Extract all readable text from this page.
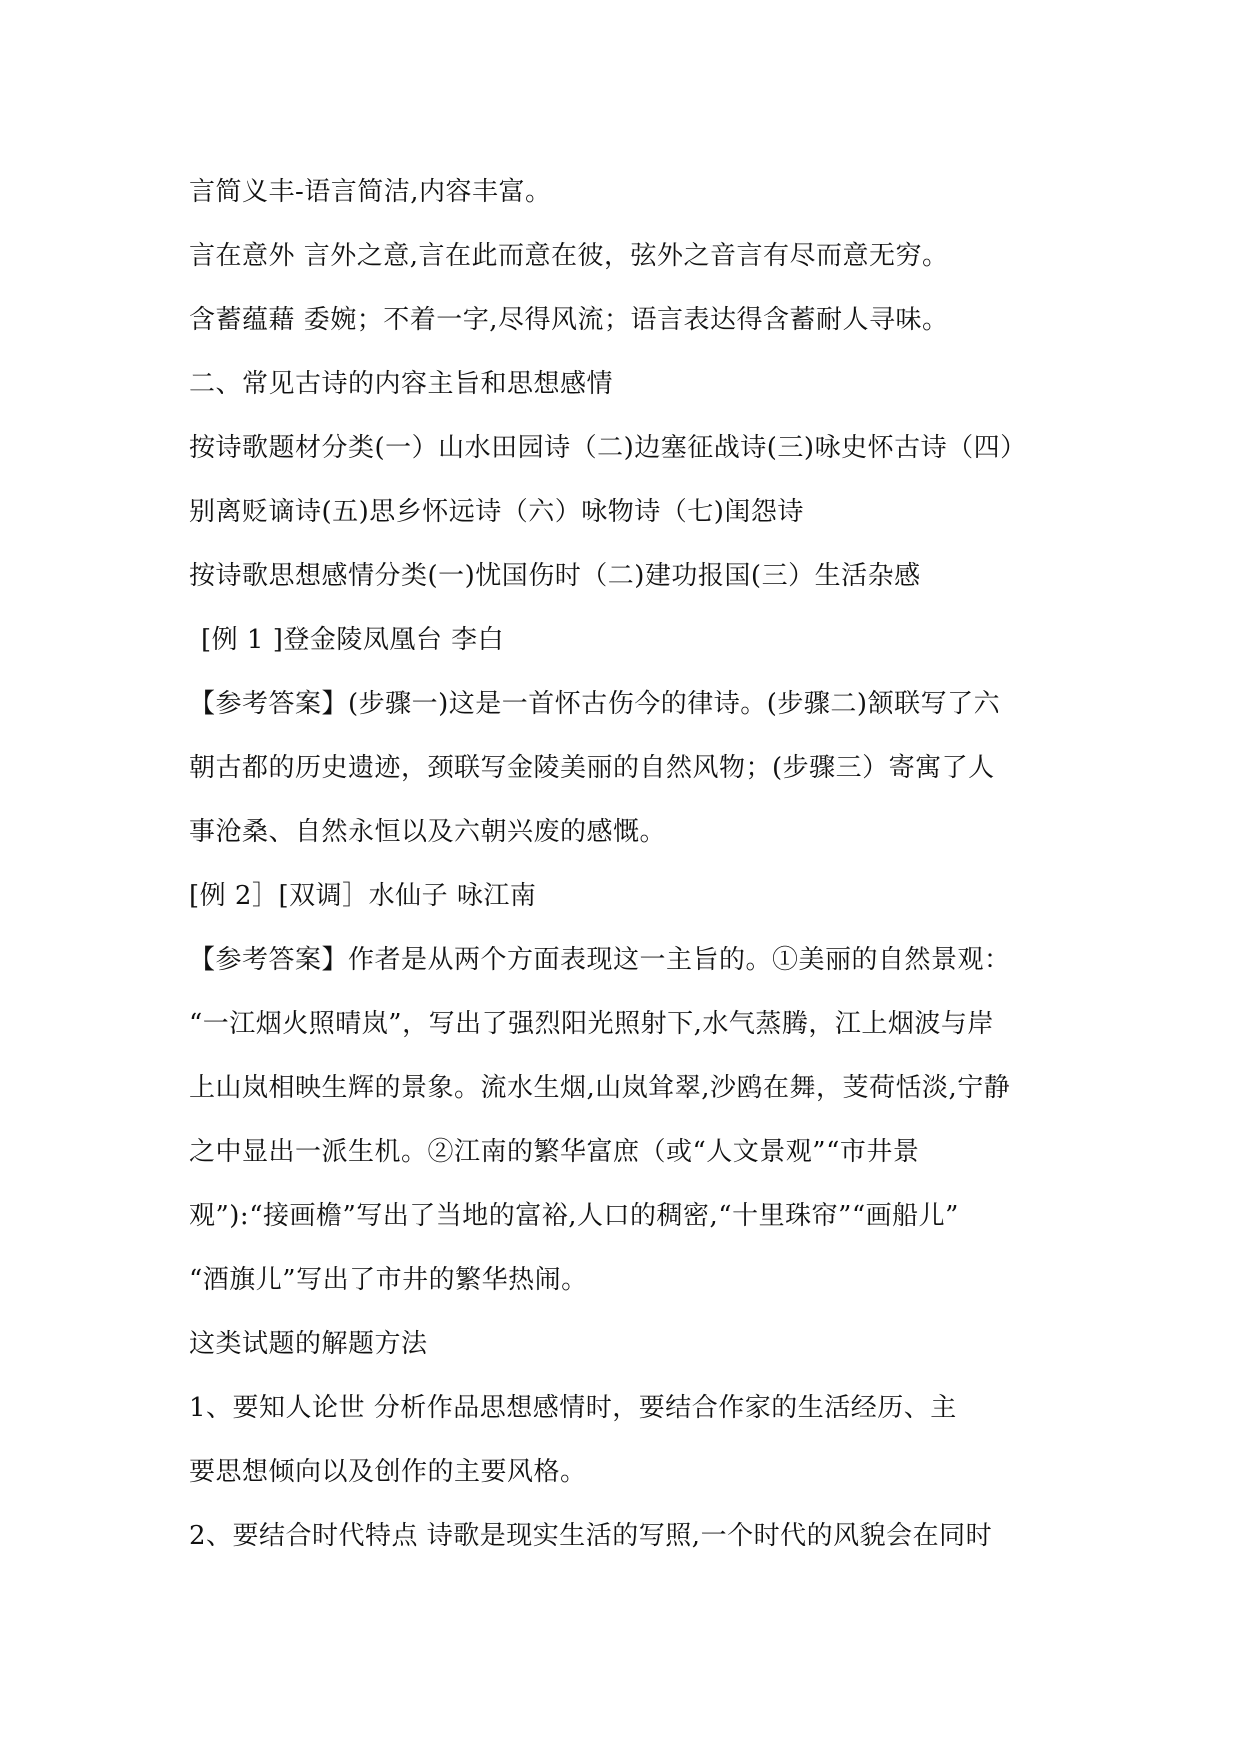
言简义丰-语言简洁,内容丰富。
言在意外 言外之意,言在此而意在彼，弦外之音言有尽而意无穷。
含蓄蕴藉 委婉；不着一字,尽得风流；语言表达得含蓄耐人寻味。
二、常见古诗的内容主旨和思想感情
按诗歌题材分类(一）山水田园诗（二)边塞征战诗(三)咏史怀古诗（四）
别离贬谪诗(五)思乡怀远诗（六）咏物诗（七)闺怨诗
按诗歌思想感情分类(一)忧国伤时（二)建功报国(三）生活杂感
[例 1 ]登金陵凤凰台 李白
【参考答案】(步骤一)这是一首怀古伤今的律诗。(步骤二)颔联写了六
朝古都的历史遗迹，颈联写金陵美丽的自然风物；(步骤三）寄寓了人
事沧桑、自然永恒以及六朝兴废的感慨。
[例 2］[双调］水仙子 咏江南
【参考答案】作者是从两个方面表现这一主旨的。①美丽的自然景观：
“一江烟火照晴岚”，写出了强烈阳光照射下,水气蒸腾，江上烟波与岸
上山岚相映生辉的景象。流水生烟,山岚耸翠,沙鸥在舞，芰荷恬淡,宁静
之中显出一派生机。②江南的繁华富庶（或“人文景观”“市井景
观”):“接画檐”写出了当地的富裕,人口的稠密,“十里珠帘”“画船儿”
“酒旗儿”写出了市井的繁华热闹。
这类试题的解题方法
1、要知人论世 分析作品思想感情时，要结合作家的生活经历、主
要思想倾向以及创作的主要风格。
2、要结合时代特点 诗歌是现实生活的写照,一个时代的风貌会在同时
